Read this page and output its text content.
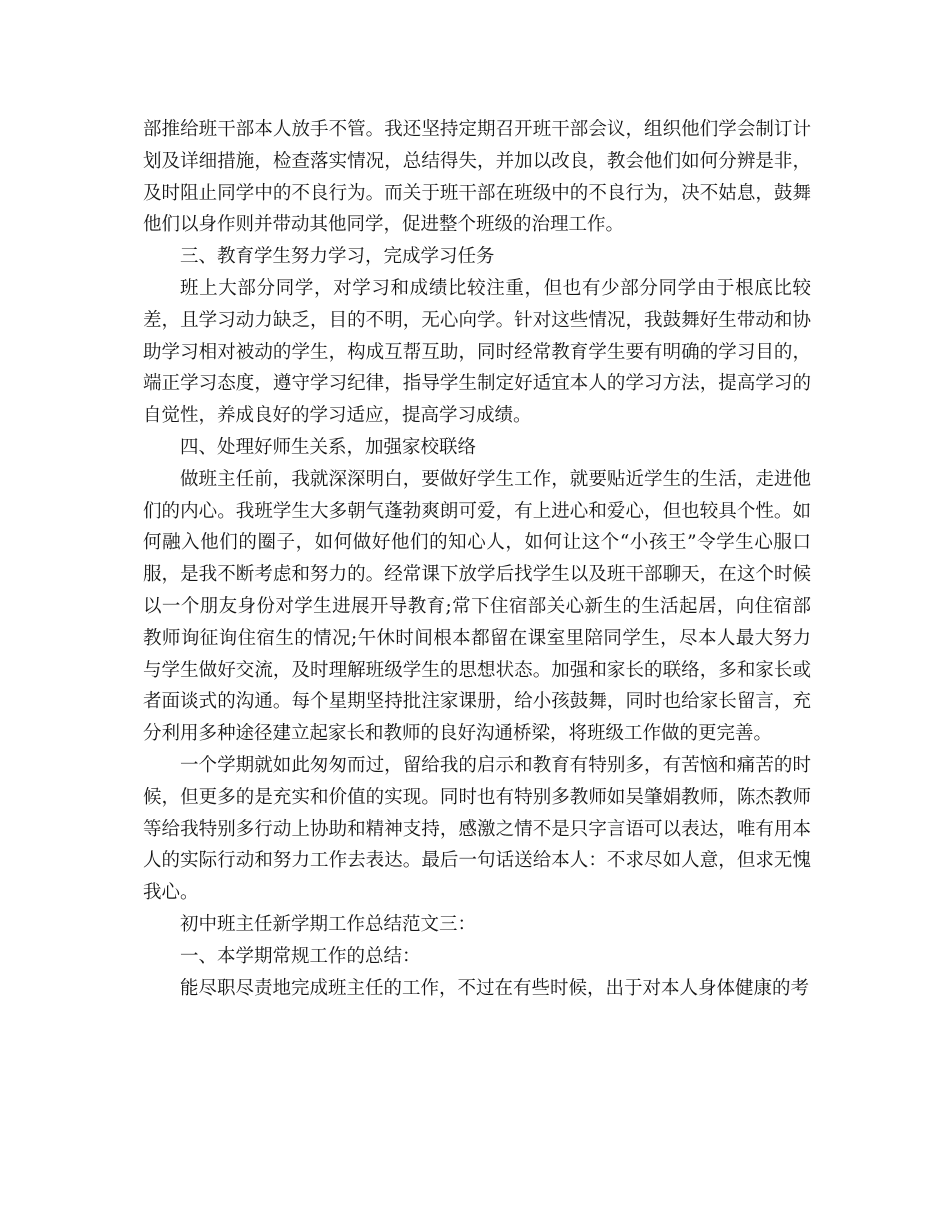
部推给班干部本人放手不管。我还坚持定期召开班干部会议，组织他们学会制订计划及详细措施，检查落实情况，总结得失，并加以改良，教会他们如何分辨是非，及时阻止同学中的不良行为。而关于班干部在班级中的不良行为，决不姑息，鼓舞他们以身作则并带动其他同学，促进整个班级的治理工作。

三、教育学生努力学习，完成学习任务

班上大部分同学，对学习和成绩比较注重，但也有少部分同学由于根底比较差，且学习动力缺乏，目的不明，无心向学。针对这些情况，我鼓舞好生带动和协助学习相对被动的学生，构成互帮互助，同时经常教育学生要有明确的学习目的，端正学习态度，遵守学习纪律，指导学生制定好适宜本人的学习方法，提高学习的自觉性，养成良好的学习适应，提高学习成绩。

四、处理好师生关系，加强家校联络

做班主任前，我就深深明白，要做好学生工作，就要贴近学生的生活，走进他们的内心。我班学生大多朝气蓬勃爽朗可爱，有上进心和爱心，但也较具个性。如何融入他们的圈子，如何做好他们的知心人，如何让这个“小孩王”令学生心服口服，是我不断考虑和努力的。经常课下放学后找学生以及班干部聊天，在这个时候以一个朋友身份对学生进展开导教育;常下住宿部关心新生的生活起居，向住宿部教师询征询住宿生的情况;午休时间根本都留在课室里陪同学生，尽本人最大努力与学生做好交流，及时理解班级学生的思想状态。加强和家长的联络，多和家长或者面谈式的沟通。每个星期坚持批注家课册，给小孩鼓舞，同时也给家长留言，充分利用多种途径建立起家长和教师的良好沟通桥梁，将班级工作做的更完善。

一个学期就如此匆匆而过，留给我的启示和教育有特别多，有苦恼和痛苦的时候，但更多的是充实和价值的实现。同时也有特别多教师如吴肇娟教师，陈杰教师等给我特别多行动上协助和精神支持，感激之情不是只字言语可以表达，唯有用本人的实际行动和努力工作去表达。最后一句话送给本人：不求尽如人意，但求无愧我心。

初中班主任新学期工作总结范文三：

一、本学期常规工作的总结：

能尽职尽责地完成班主任的工作，不过在有些时候，出于对本人身体健康的考
